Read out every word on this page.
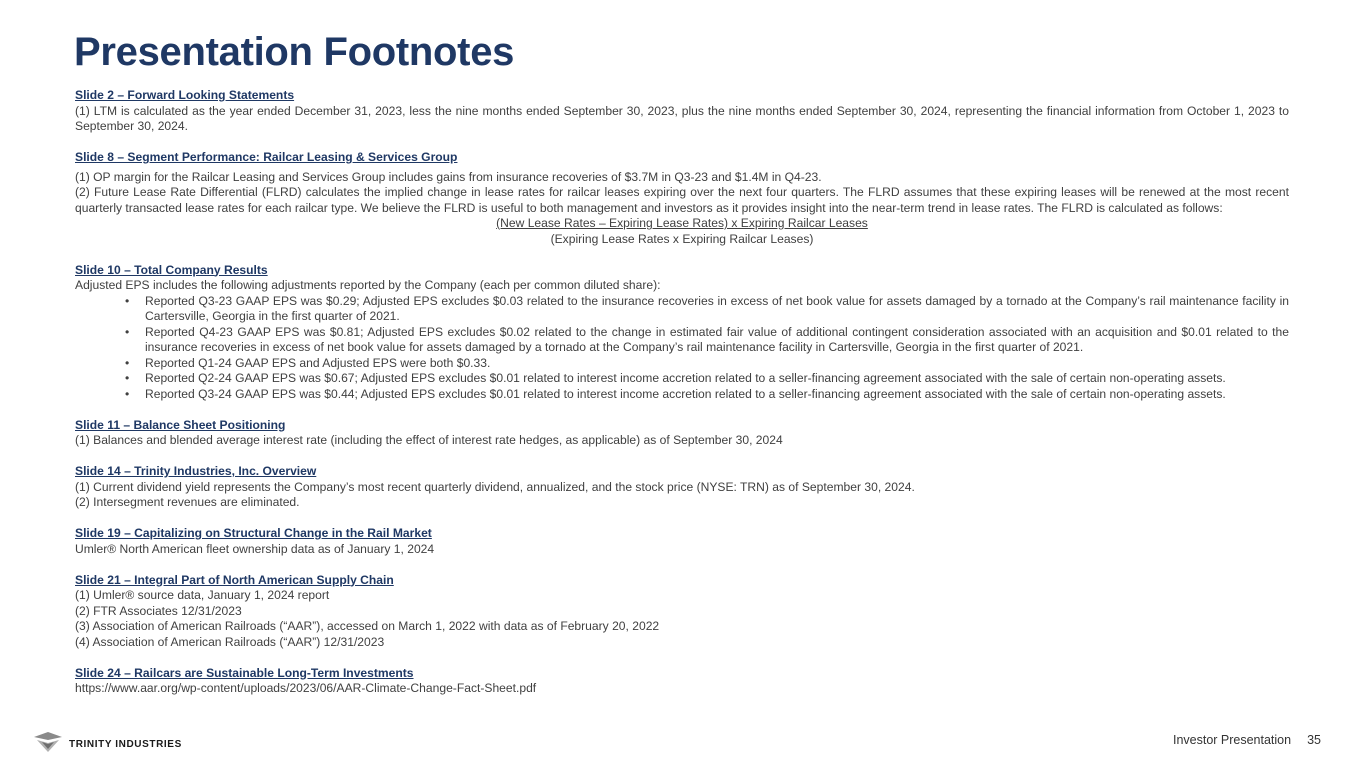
Presentation Footnotes
Slide 2 – Forward Looking Statements
(1) LTM is calculated as the year ended December 31, 2023, less the nine months ended September 30, 2023, plus the nine months ended September 30, 2024, representing the financial information from October 1, 2023 to September 30, 2024.
Slide 8 – Segment Performance: Railcar Leasing & Services Group
(1) OP margin for the Railcar Leasing and Services Group includes gains from insurance recoveries of $3.7M in Q3-23 and $1.4M in Q4-23.
(2) Future Lease Rate Differential (FLRD) calculates the implied change in lease rates for railcar leases expiring over the next four quarters. The FLRD assumes that these expiring leases will be renewed at the most recent quarterly transacted lease rates for each railcar type. We believe the FLRD is useful to both management and investors as it provides insight into the near-term trend in lease rates. The FLRD is calculated as follows:
(New Lease Rates – Expiring Lease Rates) x Expiring Railcar Leases
(Expiring Lease Rates x Expiring Railcar Leases)
Slide 10 – Total Company Results
Adjusted EPS includes the following adjustments reported by the Company (each per common diluted share):
• Reported Q3-23 GAAP EPS was $0.29; Adjusted EPS excludes $0.03 related to the insurance recoveries in excess of net book value for assets damaged by a tornado at the Company’s rail maintenance facility in Cartersville, Georgia in the first quarter of 2021.
• Reported Q4-23 GAAP EPS was $0.81; Adjusted EPS excludes $0.02 related to the change in estimated fair value of additional contingent consideration associated with an acquisition and $0.01 related to the insurance recoveries in excess of net book value for assets damaged by a tornado at the Company’s rail maintenance facility in Cartersville, Georgia in the first quarter of 2021.
• Reported Q1-24 GAAP EPS and Adjusted EPS were both $0.33.
• Reported Q2-24 GAAP EPS was $0.67; Adjusted EPS excludes $0.01 related to interest income accretion related to a seller-financing agreement associated with the sale of certain non-operating assets.
• Reported Q3-24 GAAP EPS was $0.44; Adjusted EPS excludes $0.01 related to interest income accretion related to a seller-financing agreement associated with the sale of certain non-operating assets.
Slide 11 – Balance Sheet Positioning
(1) Balances and blended average interest rate (including the effect of interest rate hedges, as applicable) as of September 30, 2024
Slide 14 – Trinity Industries, Inc. Overview
(1) Current dividend yield represents the Company’s most recent quarterly dividend, annualized, and the stock price (NYSE: TRN) as of September 30, 2024.
(2) Intersegment revenues are eliminated.
Slide 19 – Capitalizing on Structural Change in the Rail Market
Umler® North American fleet ownership data as of January 1, 2024
Slide 21 – Integral Part of North American Supply Chain
(1) Umler® source data, January 1, 2024 report
(2) FTR Associates 12/31/2023
(3) Association of American Railroads (“AAR”), accessed on March 1, 2022 with data as of February 20, 2022
(4) Association of American Railroads (“AAR”) 12/31/2023
Slide 24 – Railcars are Sustainable Long-Term Investments
https://www.aar.org/wp-content/uploads/2023/06/AAR-Climate-Change-Fact-Sheet.pdf
TRINITY INDUSTRIES	Investor Presentation 35
